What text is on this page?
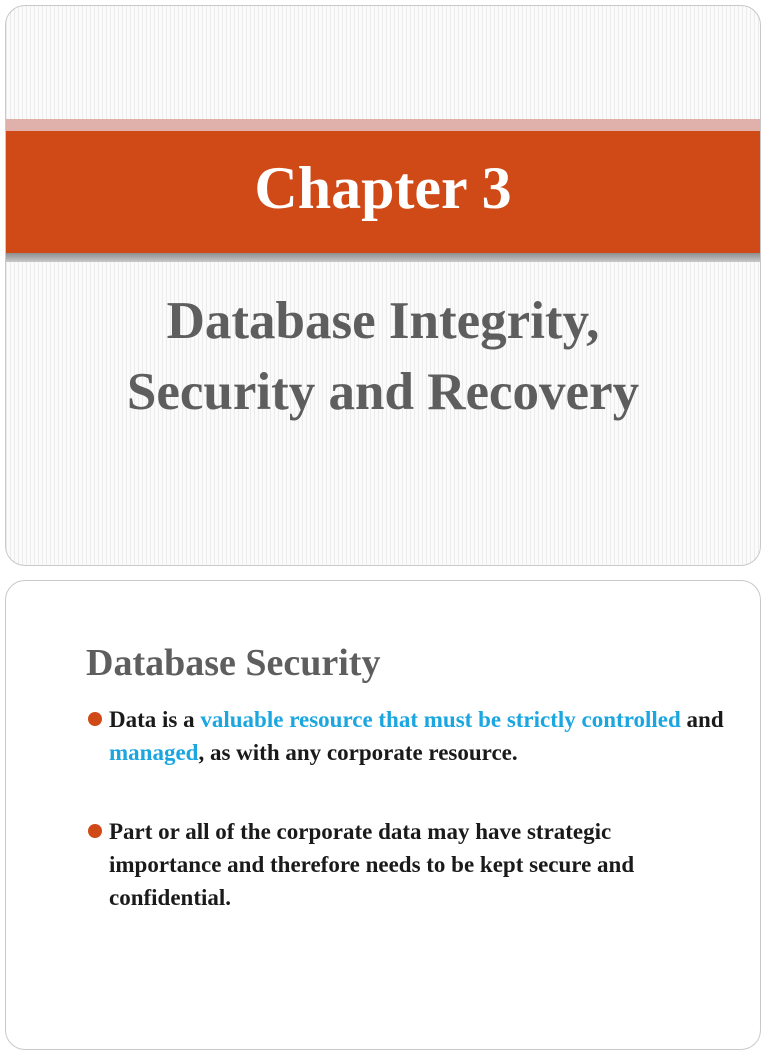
Chapter 3
Database Integrity,
Security and Recovery
Database Security
Data is a valuable resource that must be strictly controlled and managed, as with any corporate resource.
Part or all of the corporate data may have strategic importance and therefore needs to be kept secure and confidential.
